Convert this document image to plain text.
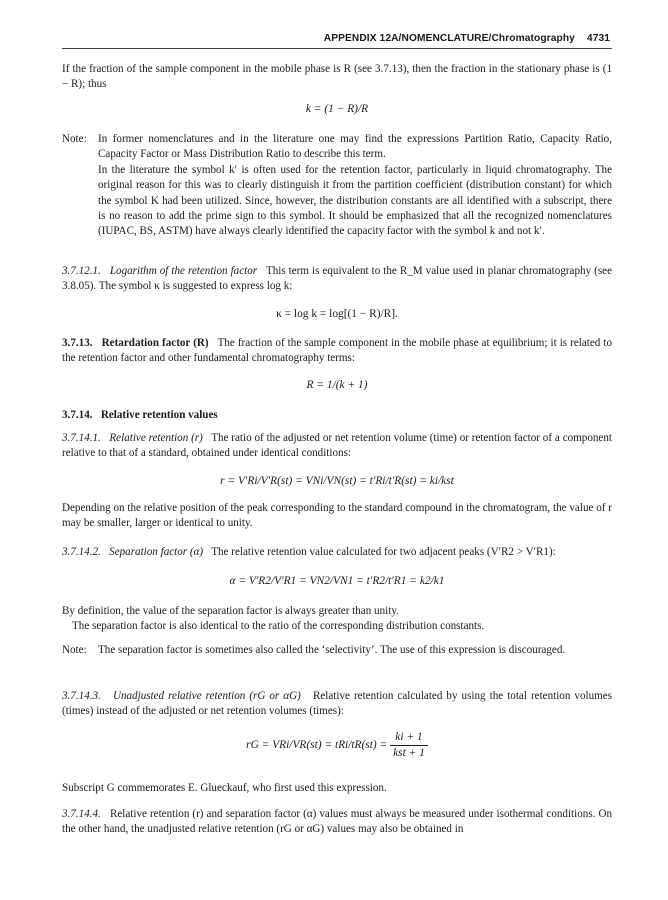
APPENDIX 12A/NOMENCLATURE/Chromatography 4731
If the fraction of the sample component in the mobile phase is R (see 3.7.13), then the fraction in the stationary phase is (1 − R); thus
k = (1 − R)/R
Note:	In former nomenclatures and in the literature one may find the expressions Partition Ratio, Capacity Ratio, Capacity Factor or Mass Distribution Ratio to describe this term.

In the literature the symbol k′ is often used for the retention factor, particularly in liquid chromatography. The original reason for this was to clearly distinguish it from the partition coefficient (distribution constant) for which the symbol K had been utilized. Since, however, the distribution constants are all identified with a subscript, there is no reason to add the prime sign to this symbol. It should be emphasized that all the recognized nomenclatures (IUPAC, BS, ASTM) have always clearly identified the capacity factor with the symbol k and not k′.

3.7.12.1. Logarithm of the retention factor This term is equivalent to the R_M value used in planar chromatography (see 3.8.05). The symbol κ is suggested to express log k:
κ = log k = log[(1 − R)/R].
3.7.13. Retardation factor (R) The fraction of the sample component in the mobile phase at equilibrium; it is related to the retention factor and other fundamental chromatography terms:
R = 1/(k + 1)
3.7.14. Relative retention values
3.7.14.1. Relative retention (r) The ratio of the adjusted or net retention volume (time) or retention factor of a component relative to that of a standard, obtained under identical conditions:
r = V′Ri/V′R(st) = VNi/VN(st) = t′Ri/t′R(st) = ki/kst
Depending on the relative position of the peak corresponding to the standard compound in the chromatogram, the value of r may be smaller, larger or identical to unity.
3.7.14.2. Separation factor (α) The relative retention value calculated for two adjacent peaks (V′R2 > V′R1):
α = V′R2/V′R1 = VN2/VN1 = t′R2/t′R1 = k2/k1
By definition, the value of the separation factor is always greater than unity.
The separation factor is also identical to the ratio of the corresponding distribution constants.
Note:	The separation factor is sometimes also called the ‘selectivity’. The use of this expression is discouraged.

3.7.14.3. Unadjusted relative retention (rG or αG) Relative retention calculated by using the total retention volumes (times) instead of the adjusted or net retention volumes (times):
rG = $VRi/VR(st) = tRi/tR(st) = \frac{ki + 1}{\text{kst + 1}}$
Subscript G commemorates E. Glueckauf, who first used this expression.
3.7.14.4. Relative retention (r) and separation factor (α) values must always be measured under isothermal conditions. On the other hand, the unadjusted relative retention (rG or αG) values may also be obtained in
